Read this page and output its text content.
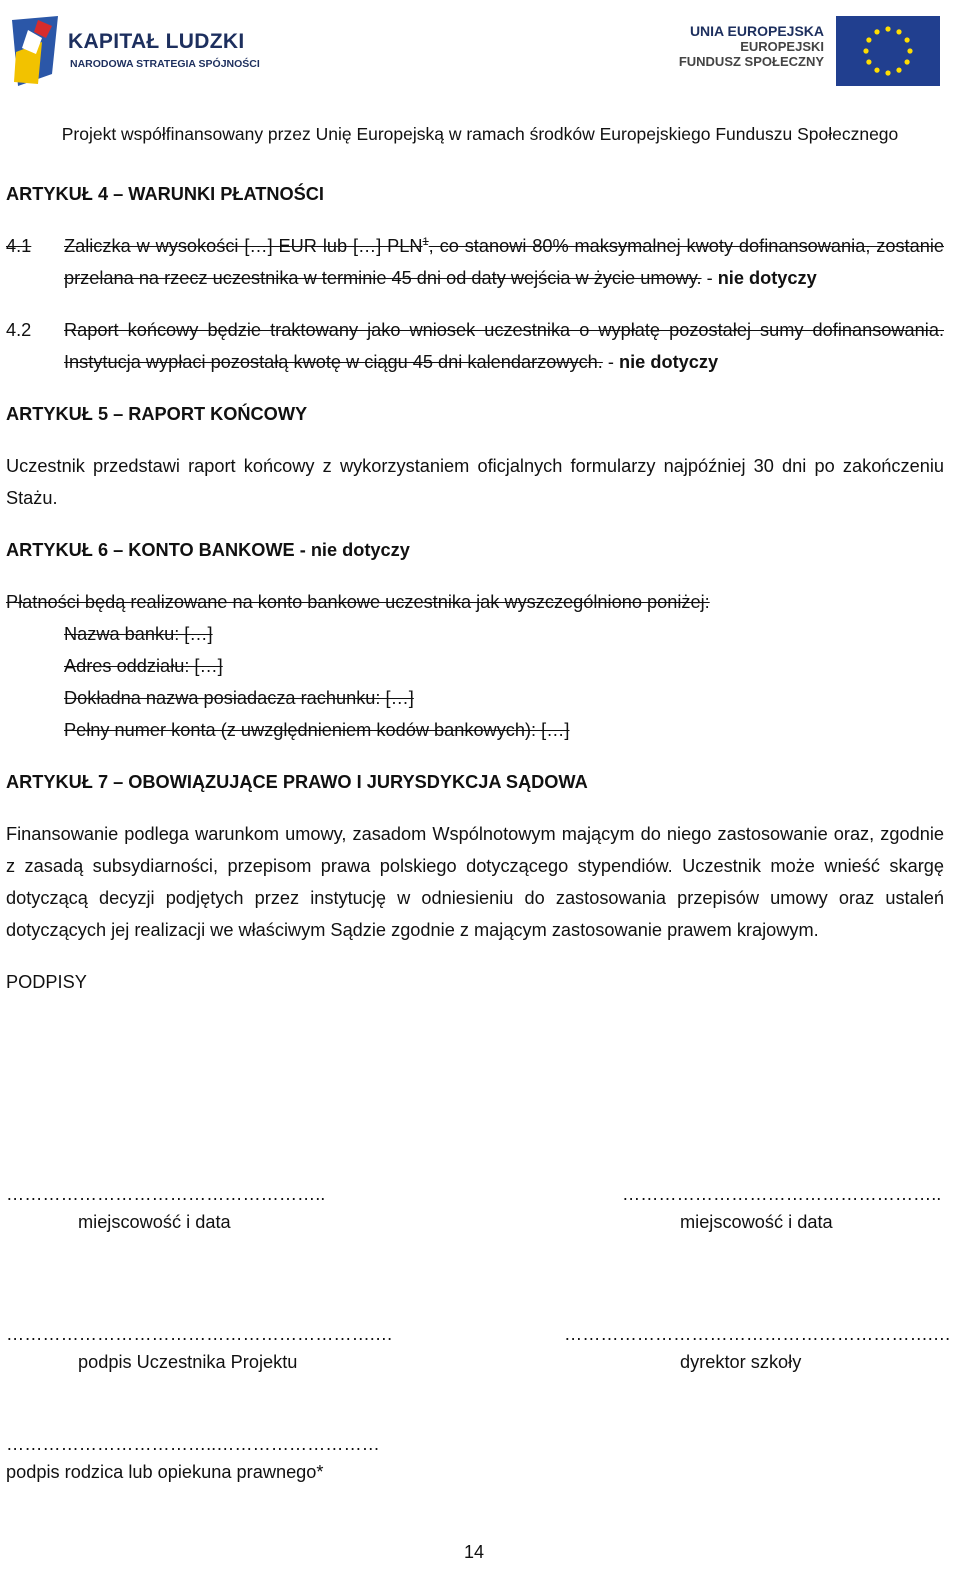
KAPITAŁ LUDZKI
NARODOWA STRATEGIA SPÓJNOŚCI
UNIA EUROPEJSKA
EUROPEJSKI
FUNDUSZ SPOŁECZNY
Projekt współfinansowany przez Unię Europejską w ramach środków Europejskiego Funduszu Społecznego
ARTYKUŁ 4 – WARUNKI PŁATNOŚCI
4.1 Zaliczka w wysokości […] EUR lub […] PLN$^1$, co stanowi 80% maksymalnej kwoty dofinansowania, zostanie przelana na rzecz uczestnika w terminie 45 dni od daty wejścia w życie umowy. - nie dotyczy
4.2 Raport końcowy będzie traktowany jako wniosek uczestnika o wypłatę pozostałej sumy dofinansowania. Instytucja wypłaci pozostałą kwotę w ciągu 45 dni kalendarzowych. - nie dotyczy
ARTYKUŁ 5 – RAPORT KOŃCOWY
Uczestnik przedstawi raport końcowy z wykorzystaniem oficjalnych formularzy najpóźniej 30 dni po zakończeniu Stażu.
ARTYKUŁ 6 – KONTO BANKOWE - nie dotyczy
Płatności będą realizowane na konto bankowe uczestnika jak wyszczególniono poniżej:
Nazwa banku: […]
Adres oddziału: […]
Dokładna nazwa posiadacza rachunku: […]
Pełny numer konta (z uwzględnieniem kodów bankowych): […]
ARTYKUŁ 7 – OBOWIĄZUJĄCE PRAWO I JURYSDYKCJA SĄDOWA
Finansowanie podlega warunkom umowy, zasadom Wspólnotowym mającym do niego zastosowanie oraz, zgodnie z zasadą subsydiarności, przepisom prawa polskiego dotyczącego stypendiów. Uczestnik może wnieść skargę dotyczącą decyzji podjętych przez instytucję w odniesieniu do zastosowania przepisów umowy oraz ustaleń dotyczących jej realizacji we właściwym Sądzie zgodnie z mającym zastosowanie prawem krajowym.
PODPISY
……………………………………………..	……………………………………………..
miejscowość i data	miejscowość i data
…………………………………………………….…	…………………………………………………….…
podpis Uczestnika Projektu	dyrektor szkoły
……………………………..………………………
podpis rodzica lub opiekuna prawnego*
14
